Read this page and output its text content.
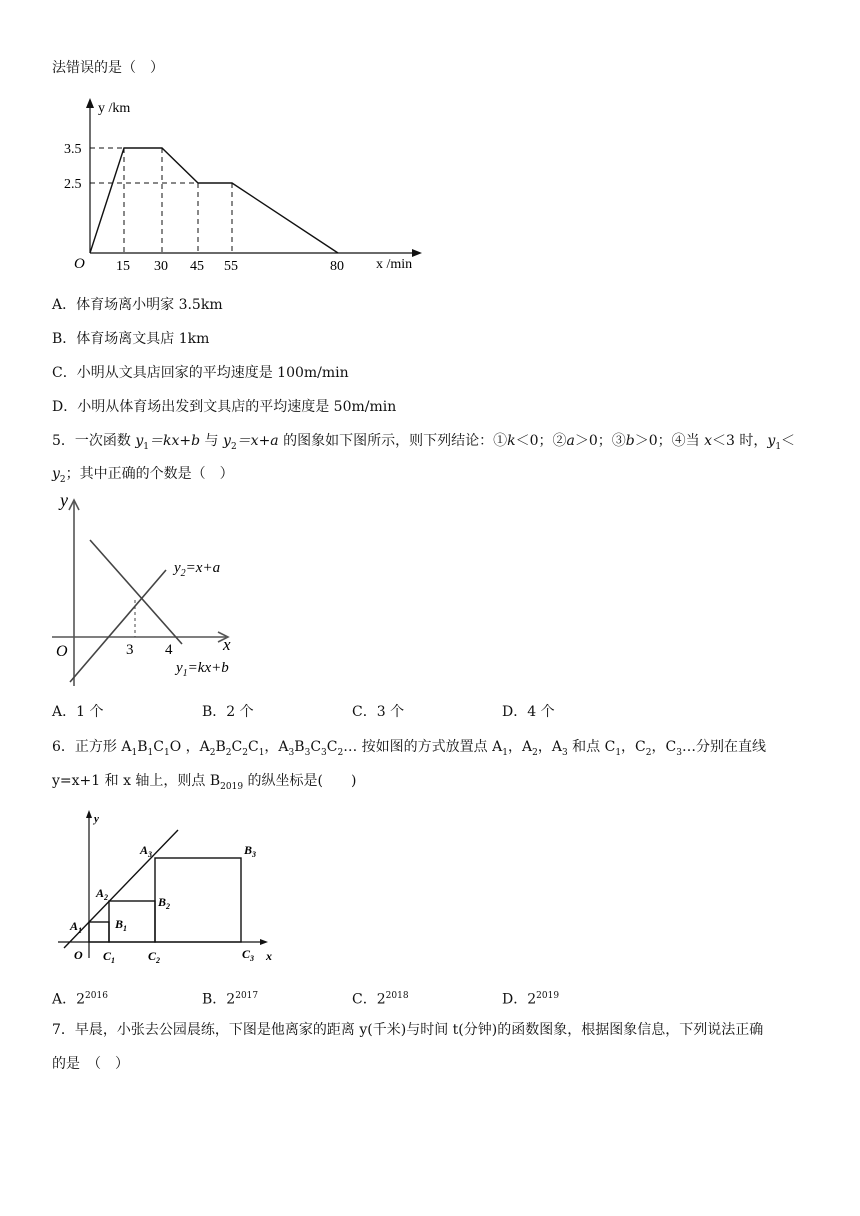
法错误的是（　）
y /km
x /min
O
3.5
2.5
15 30 45 55	80
A．体育场离小明家 3.5km
B．体育场离文具店 1km
C．小明从文具店回家的平均速度是 100m/min
D．小明从体育场出发到文具店的平均速度是 50m/min
5．一次函数 $y_1=kx+b$ 与 $y_2=x+a$ 的图象如下图所示，则下列结论：①k＜0；②a＞0；③b＞0；④当 x＜3 时，$y_1<$
$y_2$；其中正确的个数是（　）
y
x
O	3 4
$y_2=x+a$
$y_1=kx+b$
A．1 个	B．2 个	C．3 个	D．4 个
6．正方形 $A_1B_1C_1O$ ，$A_2B_2C_2C_1$，$A_3B_3C_3C_2\dots$ 按如图的方式放置点 $A_1$，$A_2$，$A_3$ 和点 $C_1$，$C_2$，$C_3\dots$分别在直线
y=x+1 和 x 轴上，则点 $B_{2019}$ 的纵坐标是(　　)
y
x
O
$A_1$	$B_1$
$C_1$
$A_2$	$B_2$
$C_2$
$A_3$	$B_3$
$C_3$
A．$2^{2016}$	B．$2^{2017}$	C．$2^{2018}$	D．$2^{2019}$
7．早晨，小张去公园晨练，下图是他离家的距离 y(千米)与时间 t(分钟)的函数图象，根据图象信息，下列说法正确
的是　（　）
